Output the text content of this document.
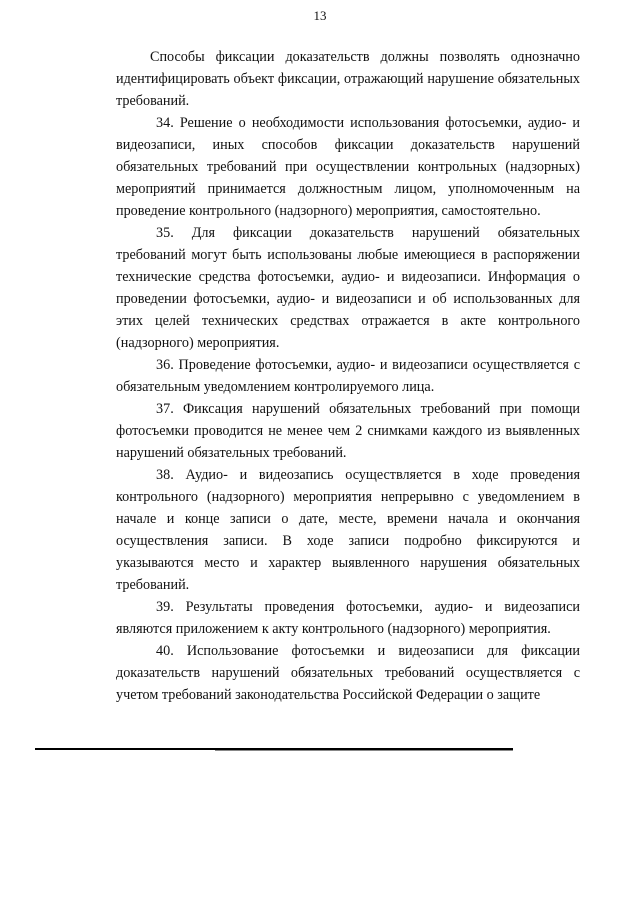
13

Способы фиксации доказательств должны позволять однозначно идентифицировать объект фиксации, отражающий нарушение обязательных требований.

34. Решение о необходимости использования фотосъемки, аудио- и видеозаписи, иных способов фиксации доказательств нарушений обязательных требований при осуществлении контрольных (надзорных) мероприятий принимается должностным лицом, уполномоченным на проведение контрольного (надзорного) мероприятия, самостоятельно.

35. Для фиксации доказательств нарушений обязательных требований могут быть использованы любые имеющиеся в распоряжении технические средства фотосъемки, аудио- и видеозаписи. Информация о проведении фотосъемки, аудио- и видеозаписи и об использованных для этих целей технических средствах отражается в акте контрольного (надзорного) мероприятия.

36. Проведение фотосъемки, аудио- и видеозаписи осуществляется с обязательным уведомлением контролируемого лица.

37. Фиксация нарушений обязательных требований при помощи фотосъемки проводится не менее чем 2 снимками каждого из выявленных нарушений обязательных требований.

38. Аудио- и видеозапись осуществляется в ходе проведения контрольного (надзорного) мероприятия непрерывно с уведомлением в начале и конце записи о дате, месте, времени начала и окончания осуществления записи. В ходе записи подробно фиксируются и указываются место и характер выявленного нарушения обязательных требований.

39. Результаты проведения фотосъемки, аудио- и видеозаписи являются приложением к акту контрольного (надзорного) мероприятия.

40. Использование фотосъемки и видеозаписи для фиксации доказательств нарушений обязательных требований осуществляется с учетом требований законодательства Российской Федерации о защите
